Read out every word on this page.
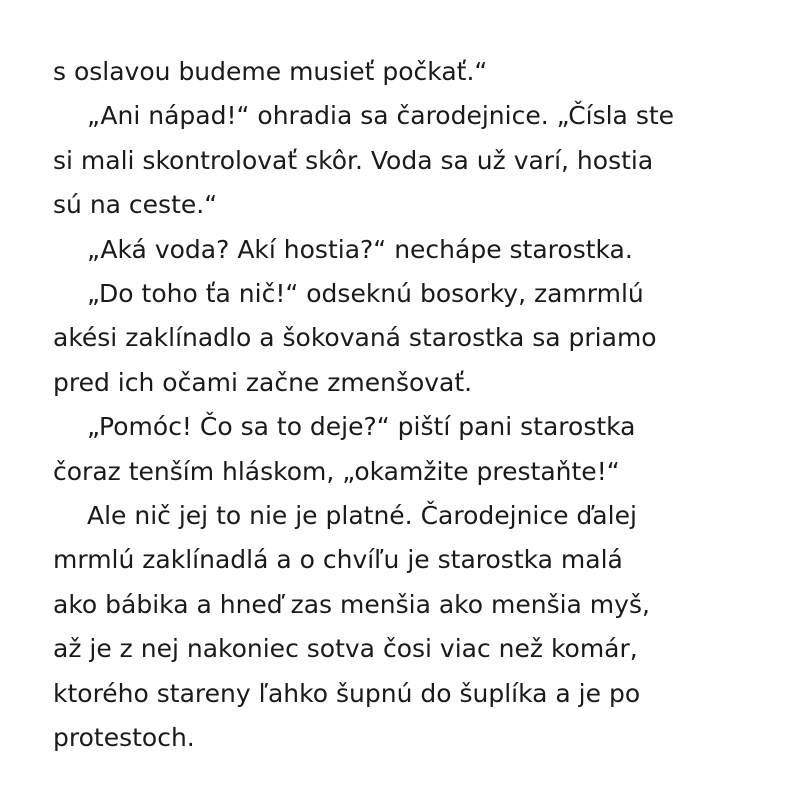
s oslavou budeme musieť počkať.“
„Ani nápad!“ ohradia sa čarodejnice. „Čísla ste
si mali skontrolovať skôr. Voda sa už varí, hostia
sú na ceste.“
„Aká voda? Akí hostia?“ nechápe starostka.
„Do toho ťa nič!“ odseknú bosorky, zamrmlú
akési zaklínadlo a šokovaná starostka sa priamo
pred ich očami začne zmenšovať.
„Pomóc! Čo sa to deje?“ piští pani starostka
čoraz tenším hláskom, „okamžite prestaňte!“
Ale nič jej to nie je platné. Čarodejnice ďalej
mrmlú zaklínadlá a o chvíľu je starostka malá
ako bábika a hneď zas menšia ako menšia myš,
až je z nej nakoniec sotva čosi viac než komár,
ktorého stareny ľahko šupnú do šuplíka a je po
protestoch.
